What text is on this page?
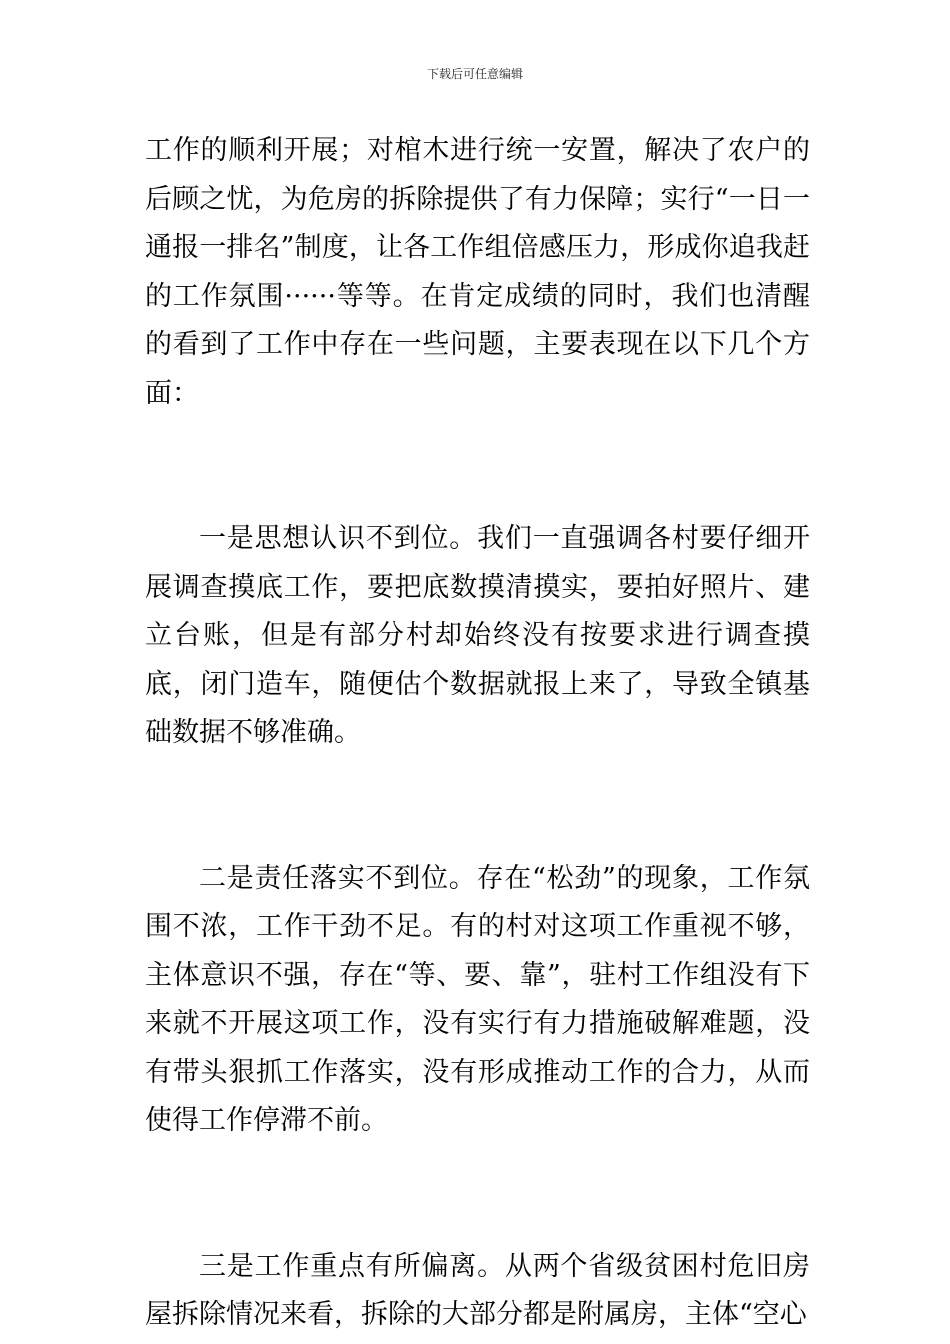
下载后可任意编辑

工作的顺利开展；对棺木进行统一安置，解决了农户的后顾之忧，为危房的拆除提供了有力保障；实行“一日一通报一排名”制度，让各工作组倍感压力，形成你追我赶的工作氛围······等等。在肯定成绩的同时，我们也清醒的看到了工作中存在一些问题，主要表现在以下几个方面：

一是思想认识不到位。我们一直强调各村要仔细开展调查摸底工作，要把底数摸清摸实，要拍好照片、建立台账，但是有部分村却始终没有按要求进行调查摸底，闭门造车，随便估个数据就报上来了，导致全镇基础数据不够准确。

二是责任落实不到位。存在“松劲”的现象，工作氛围不浓，工作干劲不足。有的村对这项工作重视不够，主体意识不强，存在“等、要、靠”，驻村工作组没有下来就不开展这项工作，没有实行有力措施破解难题，没有带头狠抓工作落实，没有形成推动工作的合力，从而使得工作停滞不前。

三是工作重点有所偏离。从两个省级贫困村危旧房屋拆除情况来看，拆除的大部分都是附属房，主体“空心
